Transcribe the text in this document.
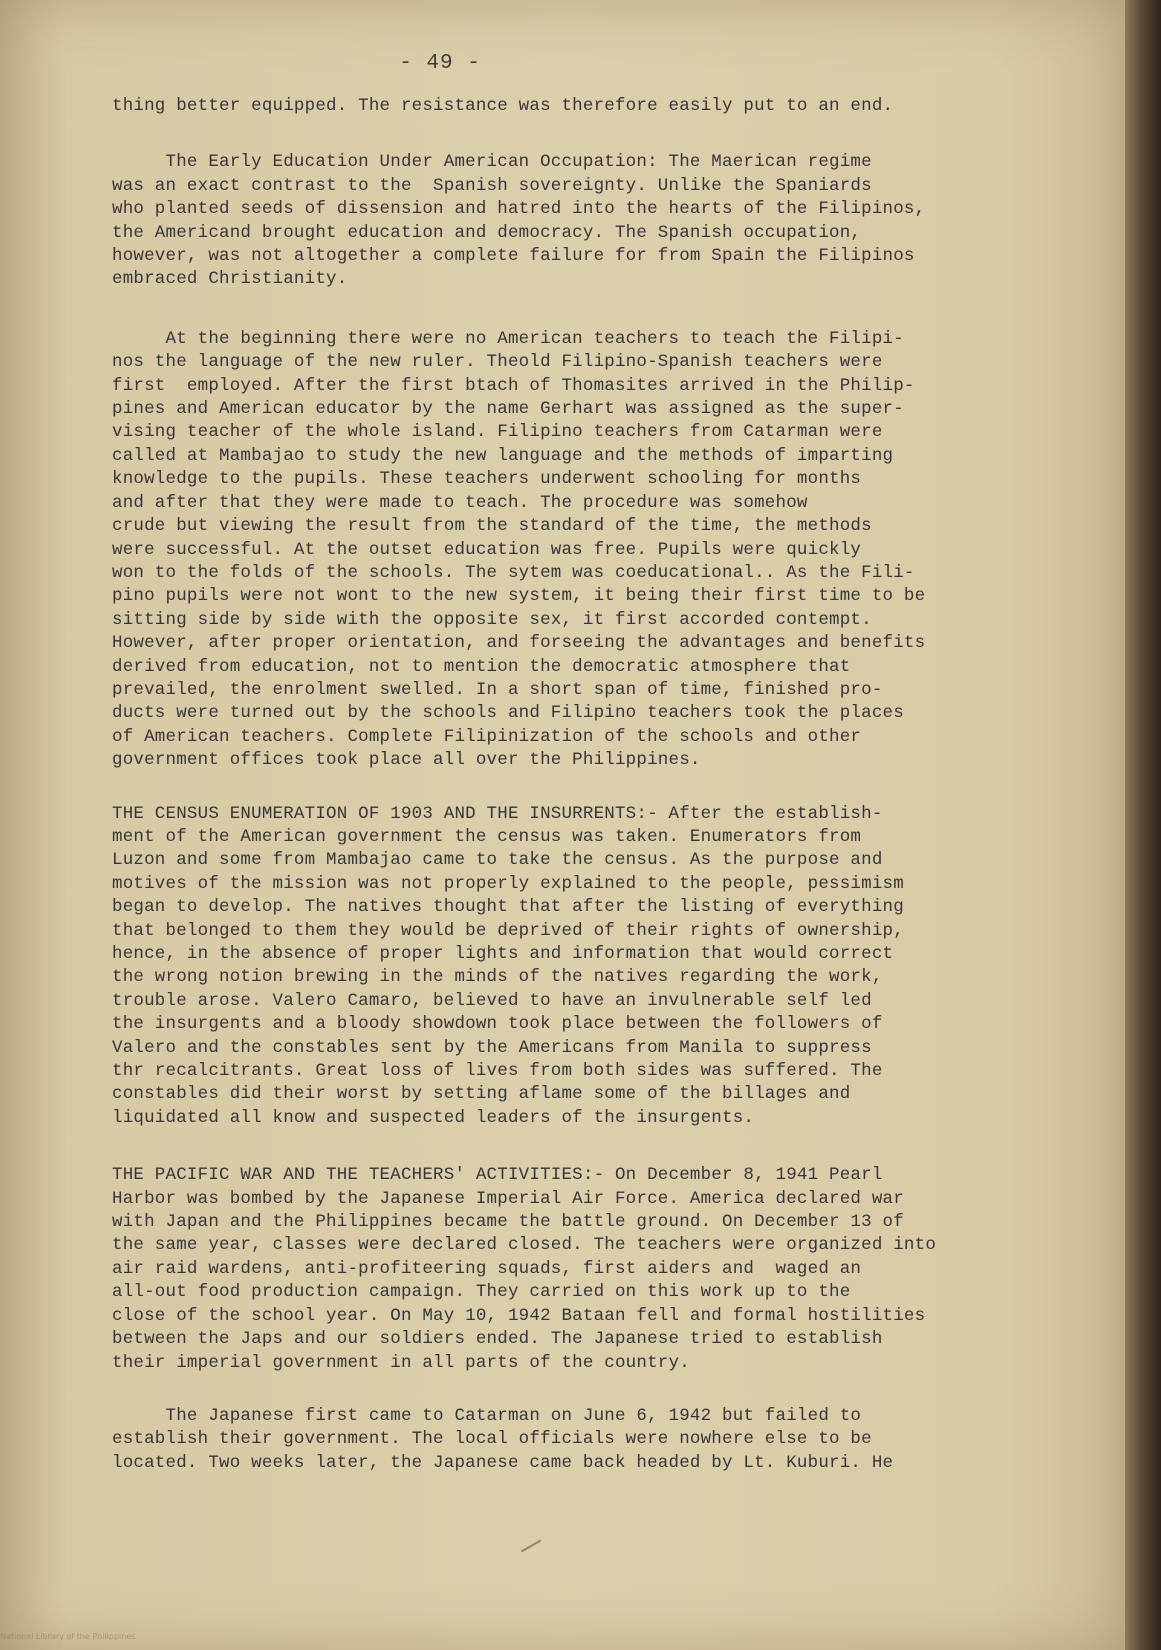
- 49 -
thing better equipped. The resistance was therefore easily put to an end.
The Early Education Under American Occupation: The Maerican regime
was an exact contrast to the  Spanish sovereignty. Unlike the Spaniards
who planted seeds of dissension and hatred into the hearts of the Filipinos,
the Americand brought education and democracy. The Spanish occupation,
however, was not altogether a complete failure for from Spain the Filipinos
embraced Christianity.
At the beginning there were no American teachers to teach the Filipi-
nos the language of the new ruler. Theold Filipino-Spanish teachers were
first  employed. After the first btach of Thomasites arrived in the Philip-
pines and American educator by the name Gerhart was assigned as the super-
vising teacher of the whole island. Filipino teachers from Catarman were
called at Mambajao to study the new language and the methods of imparting
knowledge to the pupils. These teachers underwent schooling for months
and after that they were made to teach. The procedure was somehow
crude but viewing the result from the standard of the time, the methods
were successful. At the outset education was free. Pupils were quickly
won to the folds of the schools. The sytem was coeducational.. As the Fili-
pino pupils were not wont to the new system, it being their first time to be
sitting side by side with the opposite sex, it first accorded contempt.
However, after proper orientation, and forseeing the advantages and benefits
derived from education, not to mention the democratic atmosphere that
prevailed, the enrolment swelled. In a short span of time, finished pro-
ducts were turned out by the schools and Filipino teachers took the places
of American teachers. Complete Filipinization of the schools and other
government offices took place all over the Philippines.
THE CENSUS ENUMERATION OF 1903 AND THE INSURRENTS:- After the establish-
ment of the American government the census was taken. Enumerators from
Luzon and some from Mambajao came to take the census. As the purpose and
motives of the mission was not properly explained to the people, pessimism
began to develop. The natives thought that after the listing of everything
that belonged to them they would be deprived of their rights of ownership,
hence, in the absence of proper lights and information that would correct
the wrong notion brewing in the minds of the natives regarding the work,
trouble arose. Valero Camaro, believed to have an invulnerable self led
the insurgents and a bloody showdown took place between the followers of
Valero and the constables sent by the Americans from Manila to suppress
thr recalcitrants. Great loss of lives from both sides was suffered. The
constables did their worst by setting aflame some of the billages and
liquidated all know and suspected leaders of the insurgents.
THE PACIFIC WAR AND THE TEACHERS' ACTIVITIES:- On December 8, 1941 Pearl
Harbor was bombed by the Japanese Imperial Air Force. America declared war
with Japan and the Philippines became the battle ground. On December 13 of
the same year, classes were declared closed. The teachers were organized into
air raid wardens, anti-profiteering squads, first aiders and  waged an
all-out food production campaign. They carried on this work up to the
close of the school year. On May 10, 1942 Bataan fell and formal hostilities
between the Japs and our soldiers ended. The Japanese tried to establish
their imperial government in all parts of the country.
The Japanese first came to Catarman on June 6, 1942 but failed to
establish their government. The local officials were nowhere else to be
located. Two weeks later, the Japanese came back headed by Lt. Kuburi. He
National Library of the Philippines
